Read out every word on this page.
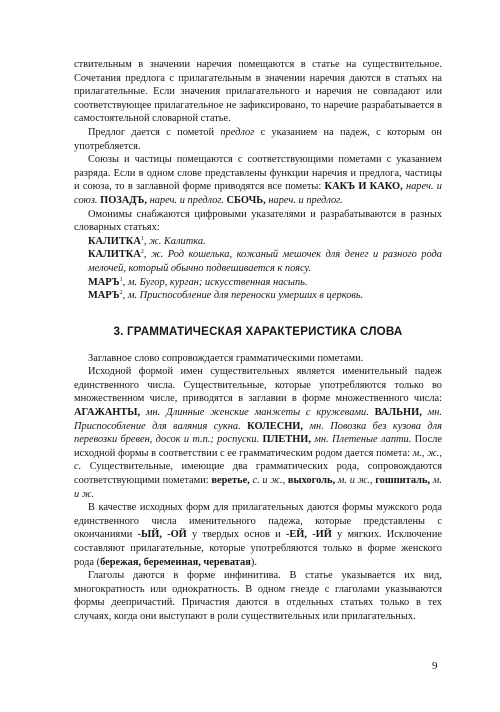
ствительным в значении наречия помещаются в статье на существительное. Сочетания предлога с прилагательным в значении наречия даются в статьях на прилагательные. Если значения прилагательного и наречия не совпадают или соответствующее прилагательное не зафиксировано, то наречие разрабатывается в самостоятельной словарной статье.

Предлог дается с пометой предлог с указанием на падеж, с которым он употребляется.

Союзы и частицы помещаются с соответствующими пометами с указанием разряда. Если в одном слове представлены функции наречия и предлога, частицы и союза, то в заглавной форме приводятся все пометы: КАКЪ И КАКО, нареч. и союз. ПОЗАДЪ, нареч. и предлог. СБОЧЬ, нареч. и предлог.

Омонимы снабжаются цифровыми указателями и разрабатываются в разных словарных статьях:

КАЛИТКА$^1$, ж. Калитка.

КАЛИТКА$^2$, ж. Род кошелька, кожаный мешочек для денег и разного рода мелочей, который обычно подвешивается к поясу.

МАРЪ$^1$, м. Бугор, курган; искусственная насыпь.

МАРЪ$^2$, м. Приспособление для переноски умерших в церковь.

3. ГРАММАТИЧЕСКАЯ ХАРАКТЕРИСТИКА СЛОВА

Заглавное слово сопровождается грамматическими пометами.

Исходной формой имен существительных является именительный падеж единственного числа. Существительные, которые употребляются только во множественном числе, приводятся в заглавии в форме множественного числа: АГАЖАНТЫ, мн. Длинные женские манжеты с кружевами. ВАЛЬНИ, мн. Приспособление для валяния сукна. КОЛЕСНИ, мн. Повозка без кузова для перевозки бревен, досок и т.п.; роспуски. ПЛЕТНИ, мн. Плетеные лапти. После исходной формы в соответствии с ее грамматическим родом дается помета: м., ж., с. Существительные, имеющие два грамматических рода, сопровождаются соответствующими пометами: веретье, с. и ж., выхоголь, м. и ж., гошпиталь, м. и ж.

В качестве исходных форм для прилагательных даются формы мужского рода единственного числа именительного падежа, которые представлены с окончаниями -ЫЙ, -ОЙ у твердых основ и -ЕЙ, -ИЙ у мягких. Исключение составляют прилагательные, которые употребляются только в форме женского рода (бережая, беременная, череватая).

Глаголы даются в форме инфинитива. В статье указывается их вид, многократность или однократность. В одном гнезде с глаголами указываются формы деепричастий. Причастия даются в отдельных статьях только в тех случаях, когда они выступают в роли существительных или прилагательных.

9
